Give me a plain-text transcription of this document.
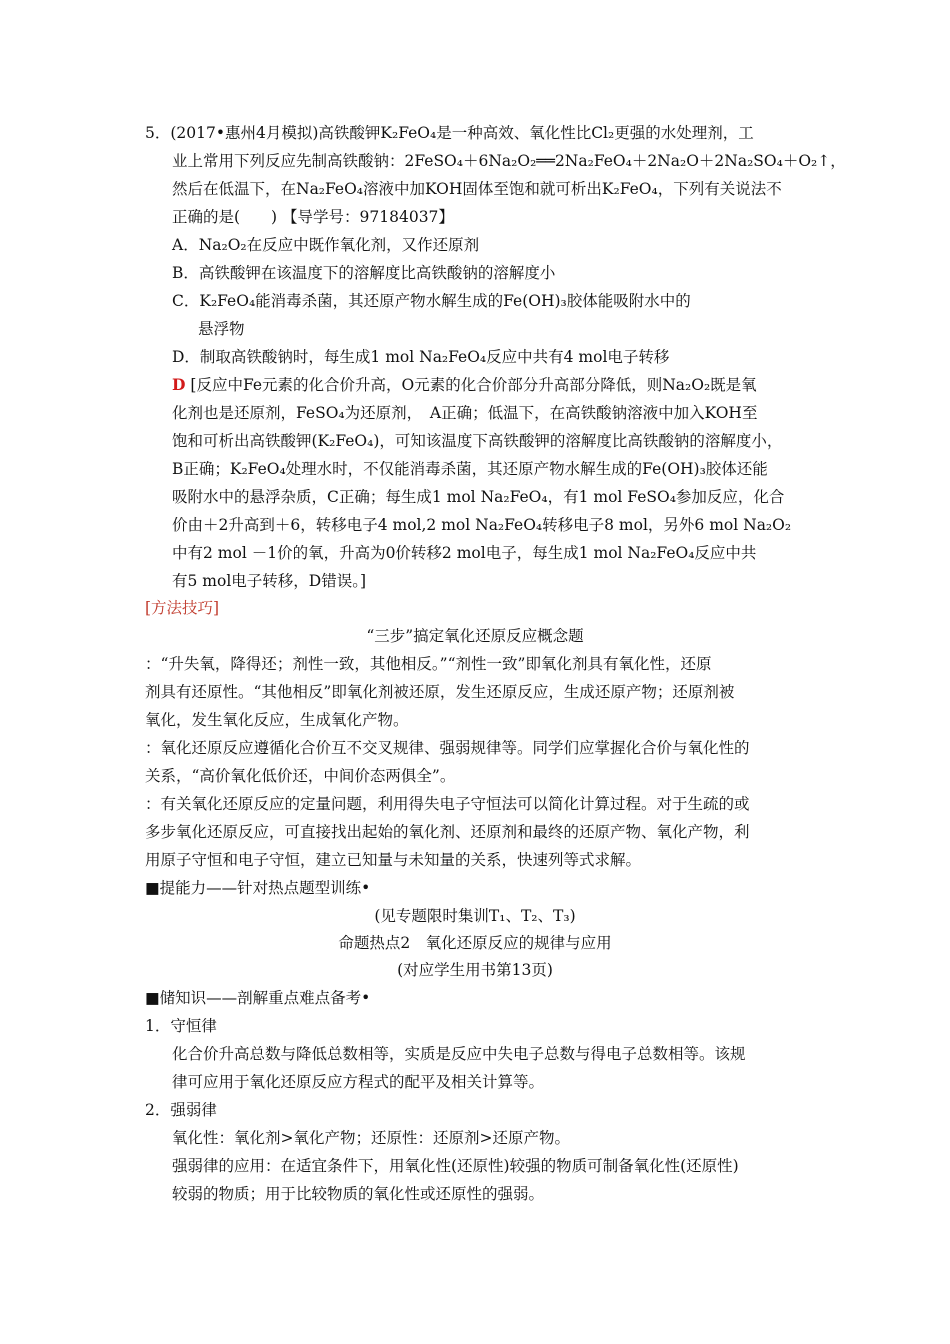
5．(2017•惠州4月模拟)高铁酸钾K₂FeO₄是一种高效、氧化性比Cl₂更强的水处理剂，工
业上常用下列反应先制高铁酸钠：2FeSO₄＋6Na₂O₂══2Na₂FeO₄＋2Na₂O＋2Na₂SO₄＋O₂↑，
然后在低温下，在Na₂FeO₄溶液中加KOH固体至饱和就可析出K₂FeO₄，下列有关说法不
正确的是(　　) 【导学号：97184037】
A．Na₂O₂在反应中既作氧化剂，又作还原剂
B．高铁酸钾在该温度下的溶解度比高铁酸钠的溶解度小
C．K₂FeO₄能消毒杀菌，其还原产物水解生成的Fe(OH)₃胶体能吸附水中的
悬浮物
D．制取高铁酸钠时，每生成1 mol Na₂FeO₄反应中共有4 mol电子转移
D [反应中Fe元素的化合价升高，O元素的化合价部分升高部分降低，则Na₂O₂既是氧
化剂也是还原剂，FeSO₄为还原剂，　A正确；低温下，在高铁酸钠溶液中加入KOH至
饱和可析出高铁酸钾(K₂FeO₄)，可知该温度下高铁酸钾的溶解度比高铁酸钠的溶解度小，
B正确；K₂FeO₄处理水时，不仅能消毒杀菌，其还原产物水解生成的Fe(OH)₃胶体还能
吸附水中的悬浮杂质，C正确；每生成1 mol Na₂FeO₄，有1 mol FeSO₄参加反应，化合
价由＋2升高到＋6，转移电子4 mol,2 mol Na₂FeO₄转移电子8 mol，另外6 mol Na₂O₂
中有2 mol －1价的氧，升高为0价转移2 mol电子，每生成1 mol Na₂FeO₄反应中共
有5 mol电子转移，D错误。]
[方法技巧]
“三步”搞定氧化还原反应概念题
：“升失氧，降得还；剂性一致，其他相反。”“剂性一致”即氧化剂具有氧化性，还原
剂具有还原性。“其他相反”即氧化剂被还原，发生还原反应，生成还原产物；还原剂被
氧化，发生氧化反应，生成氧化产物。
：氧化还原反应遵循化合价互不交叉规律、强弱规律等。同学们应掌握化合价与氧化性的
关系，“高价氧化低价还，中间价态两俱全”。
：有关氧化还原反应的定量问题，利用得失电子守恒法可以简化计算过程。对于生疏的或
多步氧化还原反应，可直接找出起始的氧化剂、还原剂和最终的还原产物、氧化产物，利
用原子守恒和电子守恒，建立已知量与未知量的关系，快速列等式求解。
■提能力——针对热点题型训练•
(见专题限时集训T₁、T₂、T₃)
命题热点2　氧化还原反应的规律与应用
(对应学生用书第13页)
■储知识——剖解重点难点备考•
1．守恒律
化合价升高总数与降低总数相等，实质是反应中失电子总数与得电子总数相等。该规
律可应用于氧化还原反应方程式的配平及相关计算等。
2．强弱律
氧化性：氧化剂>氧化产物；还原性：还原剂>还原产物。
强弱律的应用：在适宜条件下，用氧化性(还原性)较强的物质可制备氧化性(还原性)
较弱的物质；用于比较物质的氧化性或还原性的强弱。
